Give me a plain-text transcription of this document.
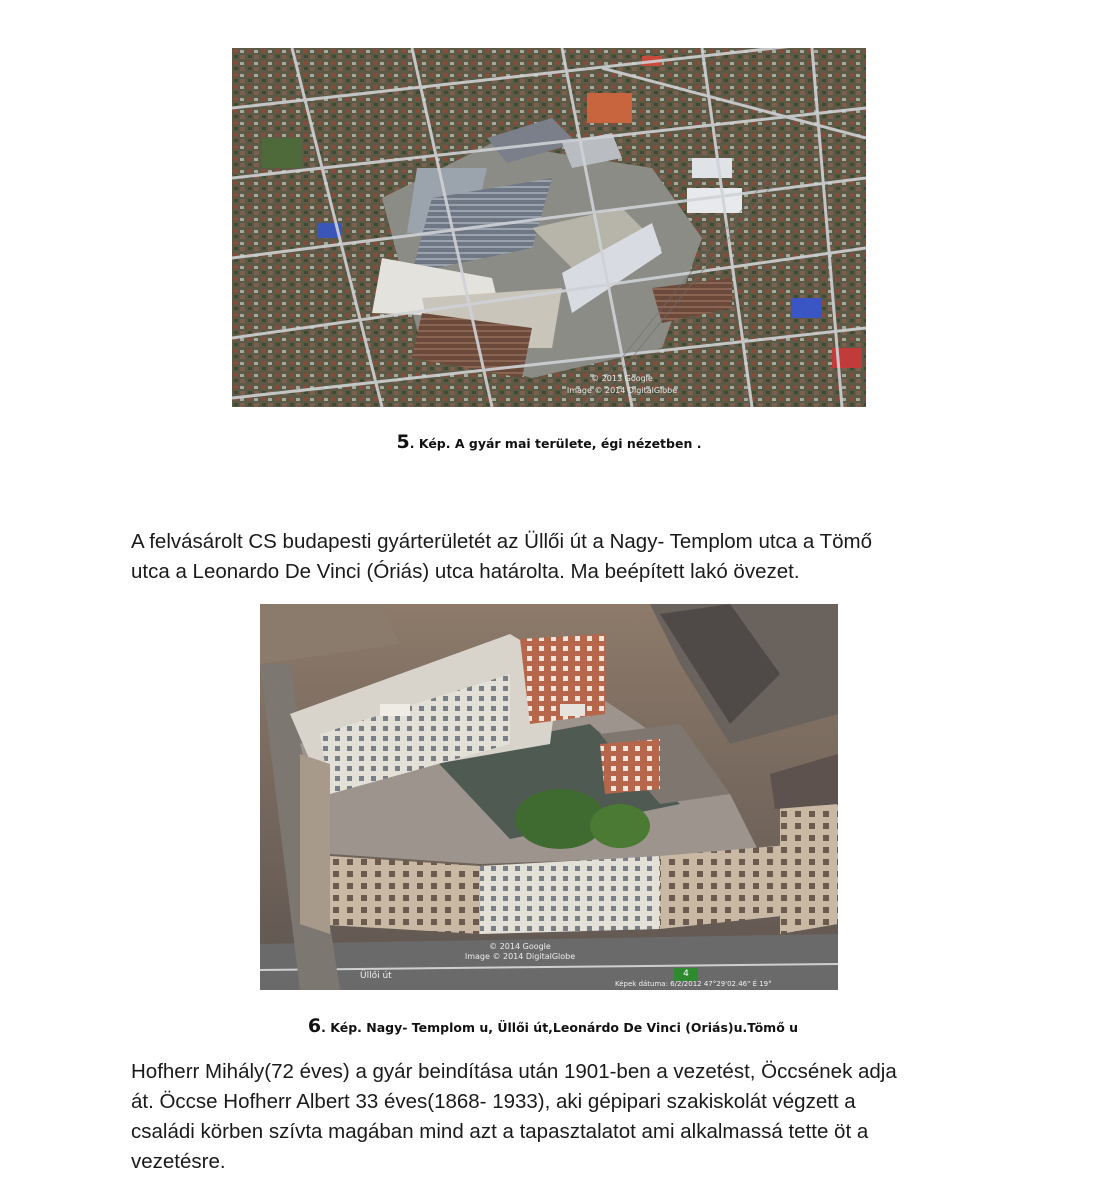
© 2013 Google
Image © 2014 DigitalGlobe
5. Kép. A gyár mai területe, égi nézetben .
A felvásárolt CS budapesti gyárterületét az Üllői út a Nagy- Templom utca a Tömő
utca a Leonardo De Vinci (Óriás) utca határolta. Ma beépített lakó övezet.
© 2014 Google
Image © 2014 DigitalGlobe
Üllői út	4
Képek dátuma: 6/2/2012 47°29'02.46" É 19°
6. Kép. Nagy- Templom u, Üllői út,Leonárdo De Vinci (Oriás)u.Tömő u
Hofherr Mihály(72 éves) a gyár beindítása után 1901-ben a vezetést, Öccsének adja
át. Öccse Hofherr Albert 33 éves(1868- 1933), aki gépipari szakiskolát végzett a
családi körben szívta magában mind azt a tapasztalatot ami alkalmassá tette öt a
vezetésre.
